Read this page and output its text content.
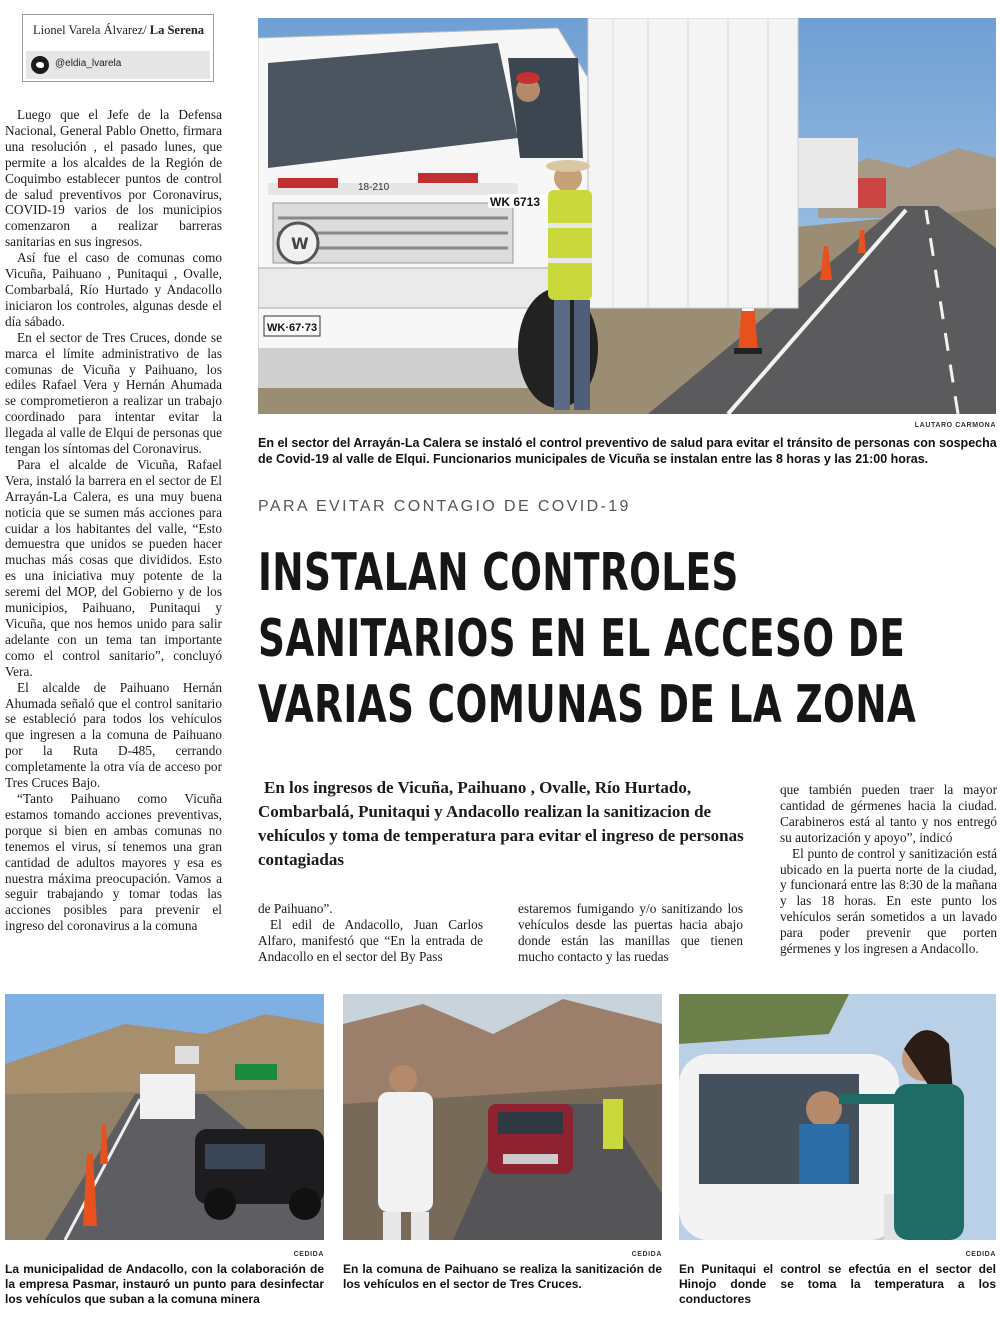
Lionel Varela Álvarez/ La Serena
@eldia_lvarela

Luego que el Jefe de la Defensa Nacional, General Pablo Onetto, firmara una resolución , el pasado lunes, que permite a los alcaldes de la Región de Coquimbo establecer puntos de control de salud preventivos por Coronavirus, COVID-19 varios de los municipios comenzaron a realizar barreras sanitarias en sus ingresos.

Así fue el caso de comunas como Vicuña, Paihuano , Punitaqui , Ovalle, Combarbalá, Río Hurtado y Andacollo iniciaron los controles, algunas desde el día sábado.

En el sector de Tres Cruces, donde se marca el límite administrativo de las comunas de Vicuña y Paihuano, los ediles Rafael Vera y Hernán Ahumada se comprometieron a realizar un trabajo coordinado para intentar evitar la llegada al valle de Elqui de personas que tengan los síntomas del Coronavirus.

Para el alcalde de Vicuña, Rafael Vera, instaló la barrera en el sector de El Arrayán-La Calera, es una muy buena noticia que se sumen más acciones para cuidar a los habitantes del valle, “Esto demuestra que unidos se pueden hacer muchas más cosas que divididos. Esto es una iniciativa muy potente de la seremi del MOP, del Gobierno y de los municipios, Paihuano, Punitaqui y Vicuña, que nos hemos unido para salir adelante con un tema tan importante como el control sanitario”, concluyó Vera.

El alcalde de Paihuano Hernán Ahumada señaló que el control sanitario se estableció para todos los vehículos que ingresen a la comuna de Paihuano por la Ruta D-485, cerrando completamente la otra vía de acceso por Tres Cruces Bajo.

“Tanto Paihuano como Vicuña estamos tomando acciones preventivas, porque si bien en ambas comunas no tenemos el virus, sí tenemos una gran cantidad de adultos mayores y esa es nuestra máxima preocupación. Vamos a seguir trabajando y tomar todas las acciones posibles para prevenir el ingreso del coronavirus a la comuna

W
WK·67·73
WK 6713
18-210
LAUTARO CARMONA
En el sector del Arrayán-La Calera se instaló el control preventivo de salud para evitar el tránsito de personas con sospecha de Covid-19 al valle de Elqui. Funcionarios municipales de Vicuña se instalan entre las 8 horas y las 21:00 horas.
PARA EVITAR CONTAGIO DE COVID-19
INSTALAN CONTROLES
SANITARIOS EN EL ACCESO DE
VARIAS COMUNAS DE LA ZONA
En los ingresos de Vicuña, Paihuano , Ovalle, Río Hurtado, Combarbalá, Punitaqui y Andacollo realizan la sanitizacion de vehículos y toma de temperatura para evitar el ingreso de personas contagiadas

de Paihuano”.

El edil de Andacollo, Juan Carlos Alfaro, manifestó que “En la entrada de Andacollo en el sector del By Pass

estaremos fumigando y/o sanitizando los vehículos desde las puertas hacia abajo donde están las manillas que tienen mucho contacto y las ruedas

que también pueden traer la mayor cantidad de gérmenes hacia la ciudad. Carabineros está al tanto y nos entregó su autorización y apoyo”, indicó

El punto de control y sanitización está ubicado en la puerta norte de la ciudad, y funcionará entre las 8:30 de la mañana y las 18 horas. En este punto los vehículos serán sometidos a un lavado para poder prevenir que porten gérmenes y los ingresen a Andacollo.

CEDIDA
La municipalidad de Andacollo, con la colaboración de la empresa Pasmar, instauró un punto para desinfectar los vehículos que suban a la comuna minera
CEDIDA
En la comuna de Paihuano se realiza la sanitización de los vehículos en el sector de Tres Cruces.
CEDIDA
En Punitaqui el control se efectúa en el sector del Hinojo donde se toma la temperatura a los conductores
